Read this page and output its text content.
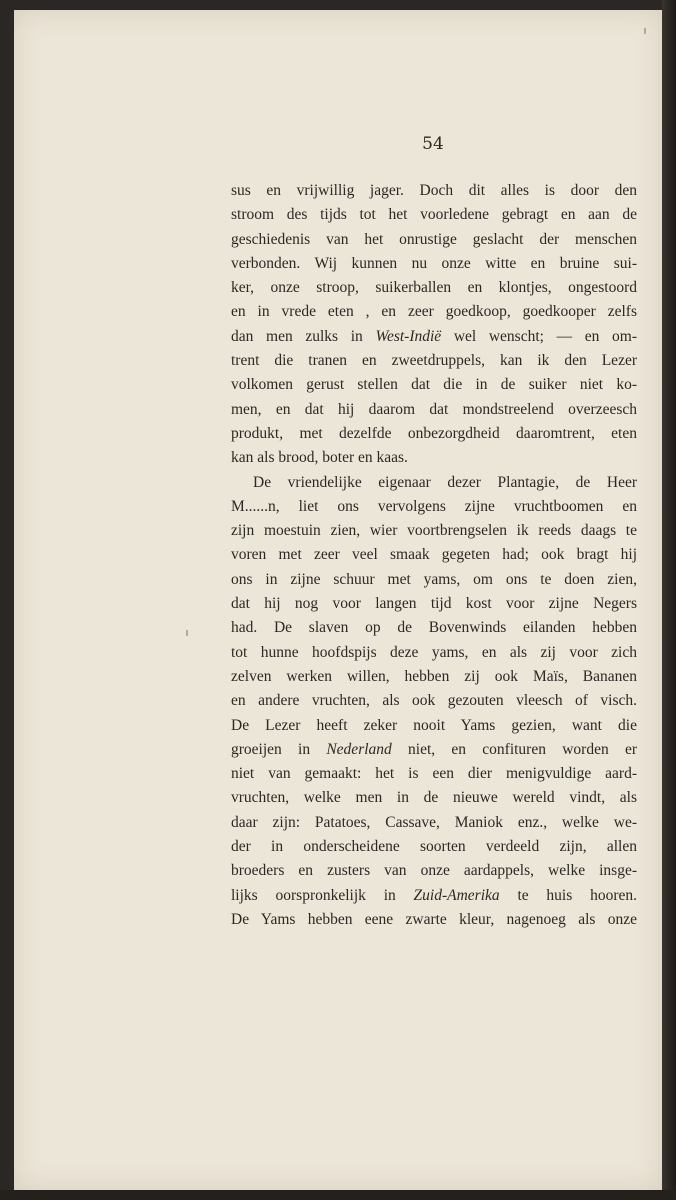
54
sus en vrijwillig jager. Doch dit alles is door den
stroom des tijds tot het voorledene gebragt en aan de
geschiedenis van het onrustige geslacht der menschen
verbonden. Wij kunnen nu onze witte en bruine sui-
ker, onze stroop, suikerballen en klontjes, ongestoord
en in vrede eten , en zeer goedkoop, goedkooper zelfs
dan men zulks in West-Indië wel wenscht; — en om-
trent die tranen en zweetdruppels, kan ik den Lezer
volkomen gerust stellen dat die in de suiker niet ko-
men, en dat hij daarom dat mondstreelend overzeesch
produkt, met dezelfde onbezorgdheid daaromtrent, eten
kan als brood, boter en kaas.
De vriendelijke eigenaar dezer Plantagie, de Heer
M......n, liet ons vervolgens zijne vruchtboomen en
zijn moestuin zien, wier voortbrengselen ik reeds daags te
voren met zeer veel smaak gegeten had; ook bragt hij
ons in zijne schuur met yams, om ons te doen zien,
dat hij nog voor langen tijd kost voor zijne Negers
had. De slaven op de Bovenwinds eilanden hebben
tot hunne hoofdspijs deze yams, en als zij voor zich
zelven werken willen, hebben zij ook Maïs, Bananen
en andere vruchten, als ook gezouten vleesch of visch.
De Lezer heeft zeker nooit Yams gezien, want die
groeijen in Nederland niet, en confituren worden er
niet van gemaakt: het is een dier menigvuldige aard-
vruchten, welke men in de nieuwe wereld vindt, als
daar zijn: Patatoes, Cassave, Maniok enz., welke we-
der in onderscheidene soorten verdeeld zijn, allen
broeders en zusters van onze aardappels, welke insge-
lijks oorspronkelijk in Zuid-Amerika te huis hooren.
De Yams hebben eene zwarte kleur, nagenoeg als onze
